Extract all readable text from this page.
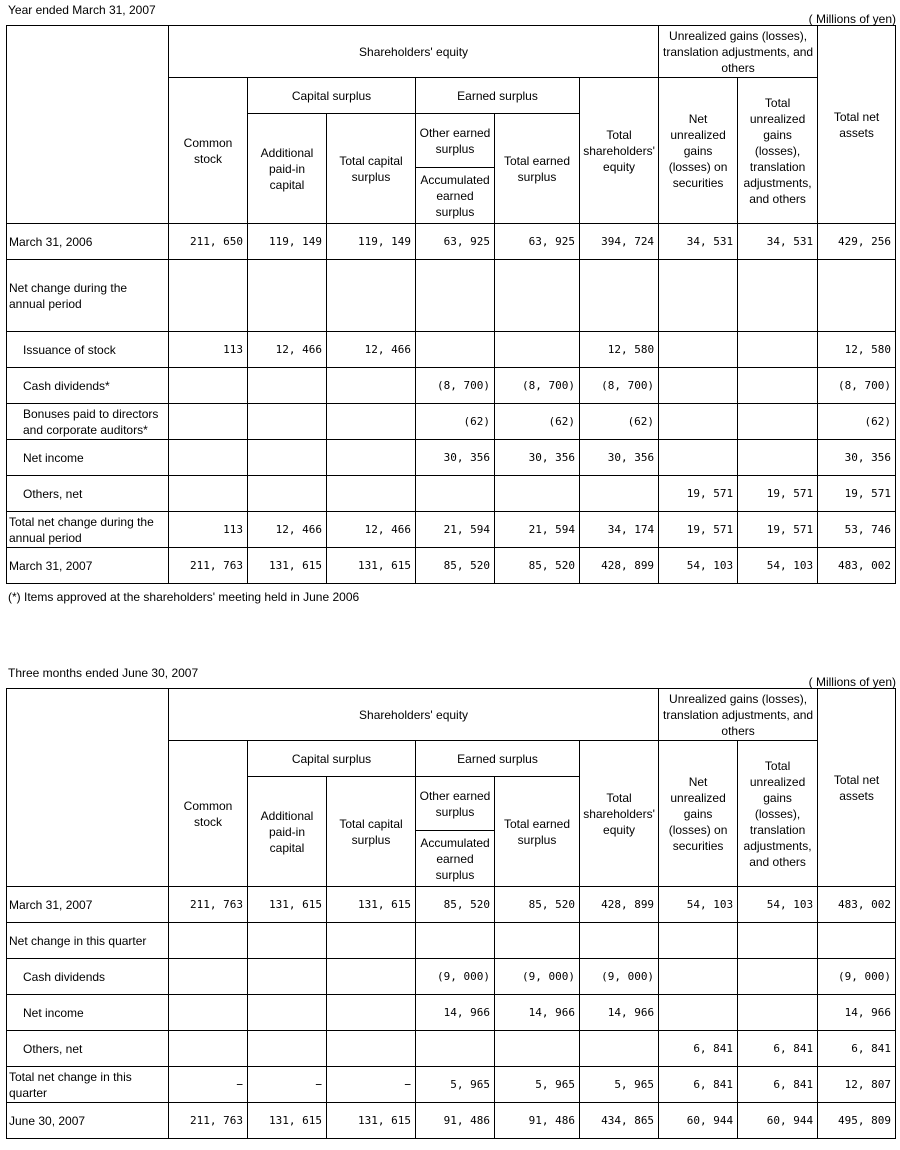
Year ended March 31, 2007
( Millions of yen)
	Shareholders' equity						Unrealized gains (losses), translation adjustments, and others		Total net assets
	Common stock	Capital surplus		Earned surplus		Total shareholders' equity	Net unrealized gains (losses) on securities	Total unrealized gains (losses), translation adjustments, and others	
		Additional paid-in capital	Total capital surplus	Other earned surplus	Total earned surplus				
				Accumulated earned surplus					
March 31, 2006	211, 650	119, 149	119, 149	63, 925	63, 925	394, 724	34, 531	34, 531	429, 256
Net change during the annual period									
Issuance of stock	113	12, 466	12, 466			12, 580			12, 580
Cash dividends*				(8, 700)	(8, 700)	(8, 700)			(8, 700)
Bonuses paid to directors and corporate auditors*				(62)	(62)	(62)			(62)
Net income				30, 356	30, 356	30, 356			30, 356
Others, net							19, 571	19, 571	19, 571
Total net change during the annual period	113	12, 466	12, 466	21, 594	21, 594	34, 174	19, 571	19, 571	53, 746
March 31, 2007	211, 763	131, 615	131, 615	85, 520	85, 520	428, 899	54, 103	54, 103	483, 002
(*) Items approved at the shareholders' meeting held in June 2006
Three months ended June 30, 2007
( Millions of yen)
	Shareholders' equity						Unrealized gains (losses), translation adjustments, and others		Total net assets
	Common stock	Capital surplus		Earned surplus		Total shareholders' equity	Net unrealized gains (losses) on securities	Total unrealized gains (losses), translation adjustments, and others	
		Additional paid-in capital	Total capital surplus	Other earned surplus	Total earned surplus				
				Accumulated earned surplus					
March 31, 2007	211, 763	131, 615	131, 615	85, 520	85, 520	428, 899	54, 103	54, 103	483, 002
Net change in this quarter									
Cash dividends				(9, 000)	(9, 000)	(9, 000)			(9, 000)
Net income				14, 966	14, 966	14, 966			14, 966
Others, net							6, 841	6, 841	6, 841
Total net change in this quarter	−	−	−	5, 965	5, 965	5, 965	6, 841	6, 841	12, 807
June 30, 2007	211, 763	131, 615	131, 615	91, 486	91, 486	434, 865	60, 944	60, 944	495, 809
